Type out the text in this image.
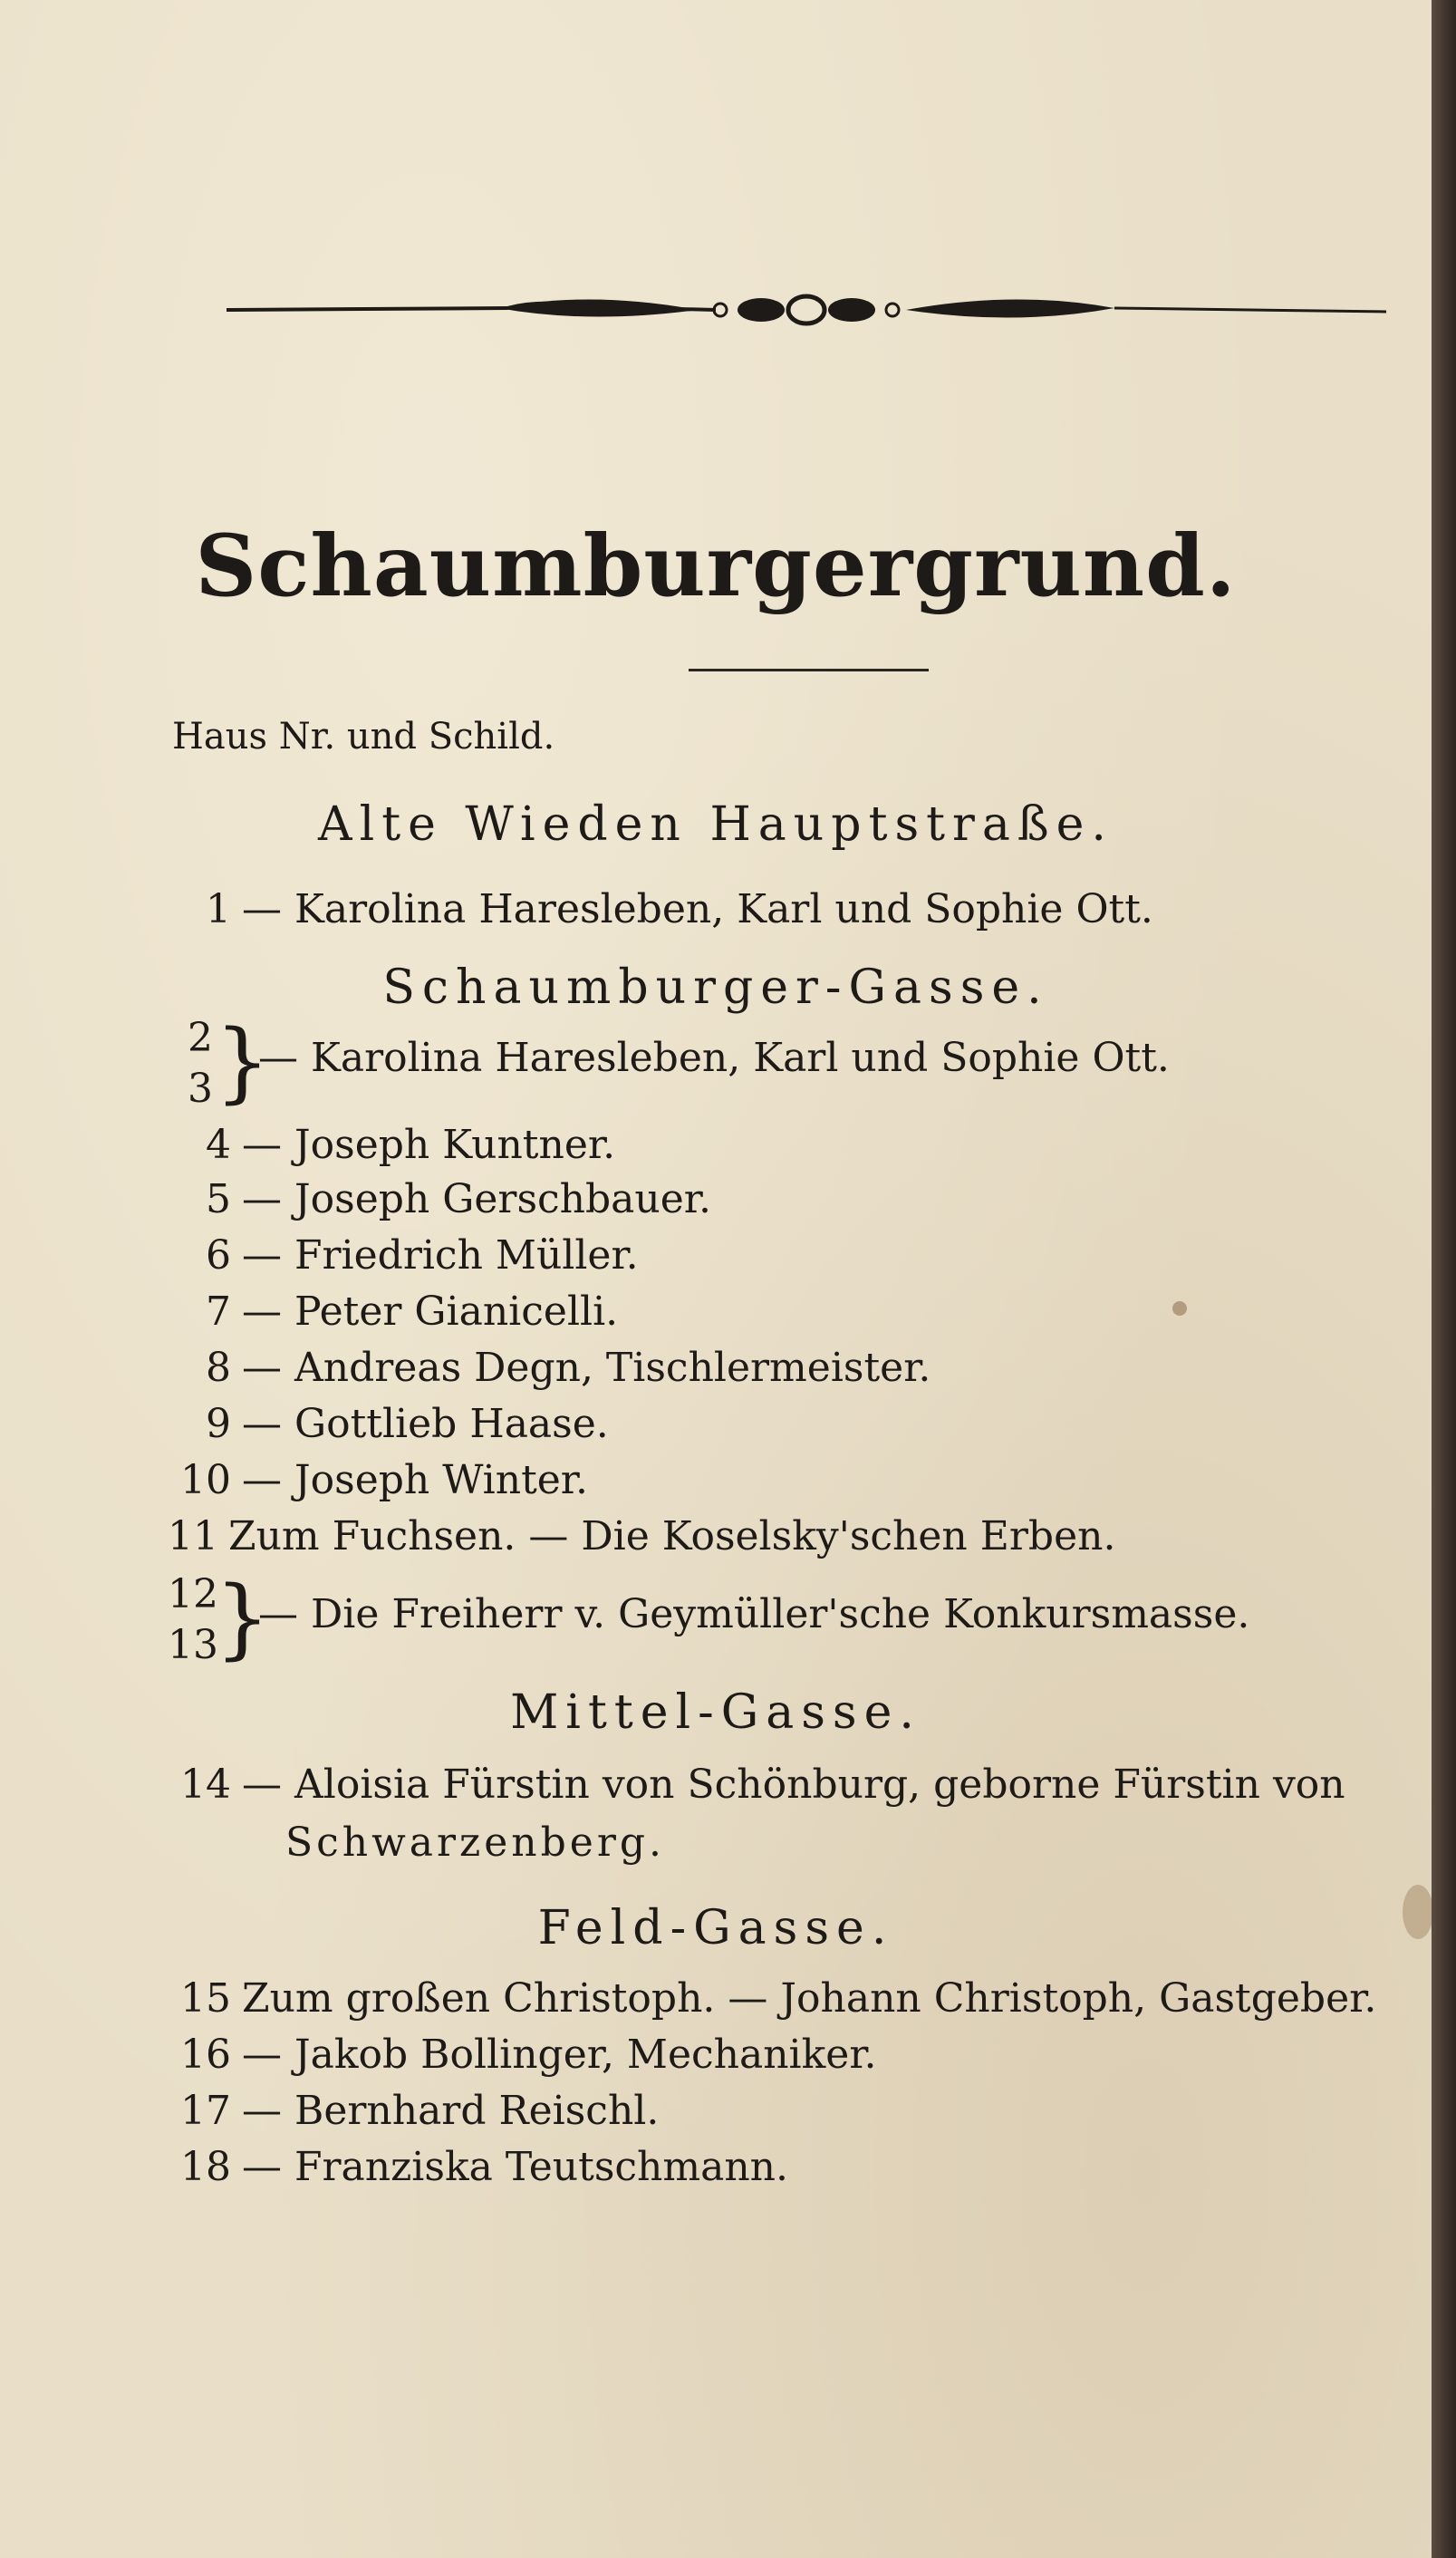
Schaumburgergrund.
Haus Nr. und Schild.
Alte Wieden Hauptstraße.
1 — Karolina Haresleben, Karl und Sophie Ott.
Schaumburger-Gasse.
2
3 }
— Karolina Haresleben, Karl und Sophie Ott.
4 — Joseph Kuntner.
5 — Joseph Gerschbauer.
6 — Friedrich Müller.
7 — Peter Gianicelli.
8 — Andreas Degn, Tischlermeister.
9 — Gottlieb Haase.
10 — Joseph Winter.
11 Zum Fuchsen. — Die Koselsky'schen Erben.
12
13
}
— Die Freiherr v. Geymüller'sche Konkursmasse.
Mittel-Gasse.
14 — Aloisia Fürstin von Schönburg, geborne Fürstin von
Schwarzenberg.
Feld-Gasse.
15 Zum großen Christoph. — Johann Christoph, Gastgeber.
16 — Jakob Bollinger, Mechaniker.
17 — Bernhard Reischl.
18 — Franziska Teutschmann.
